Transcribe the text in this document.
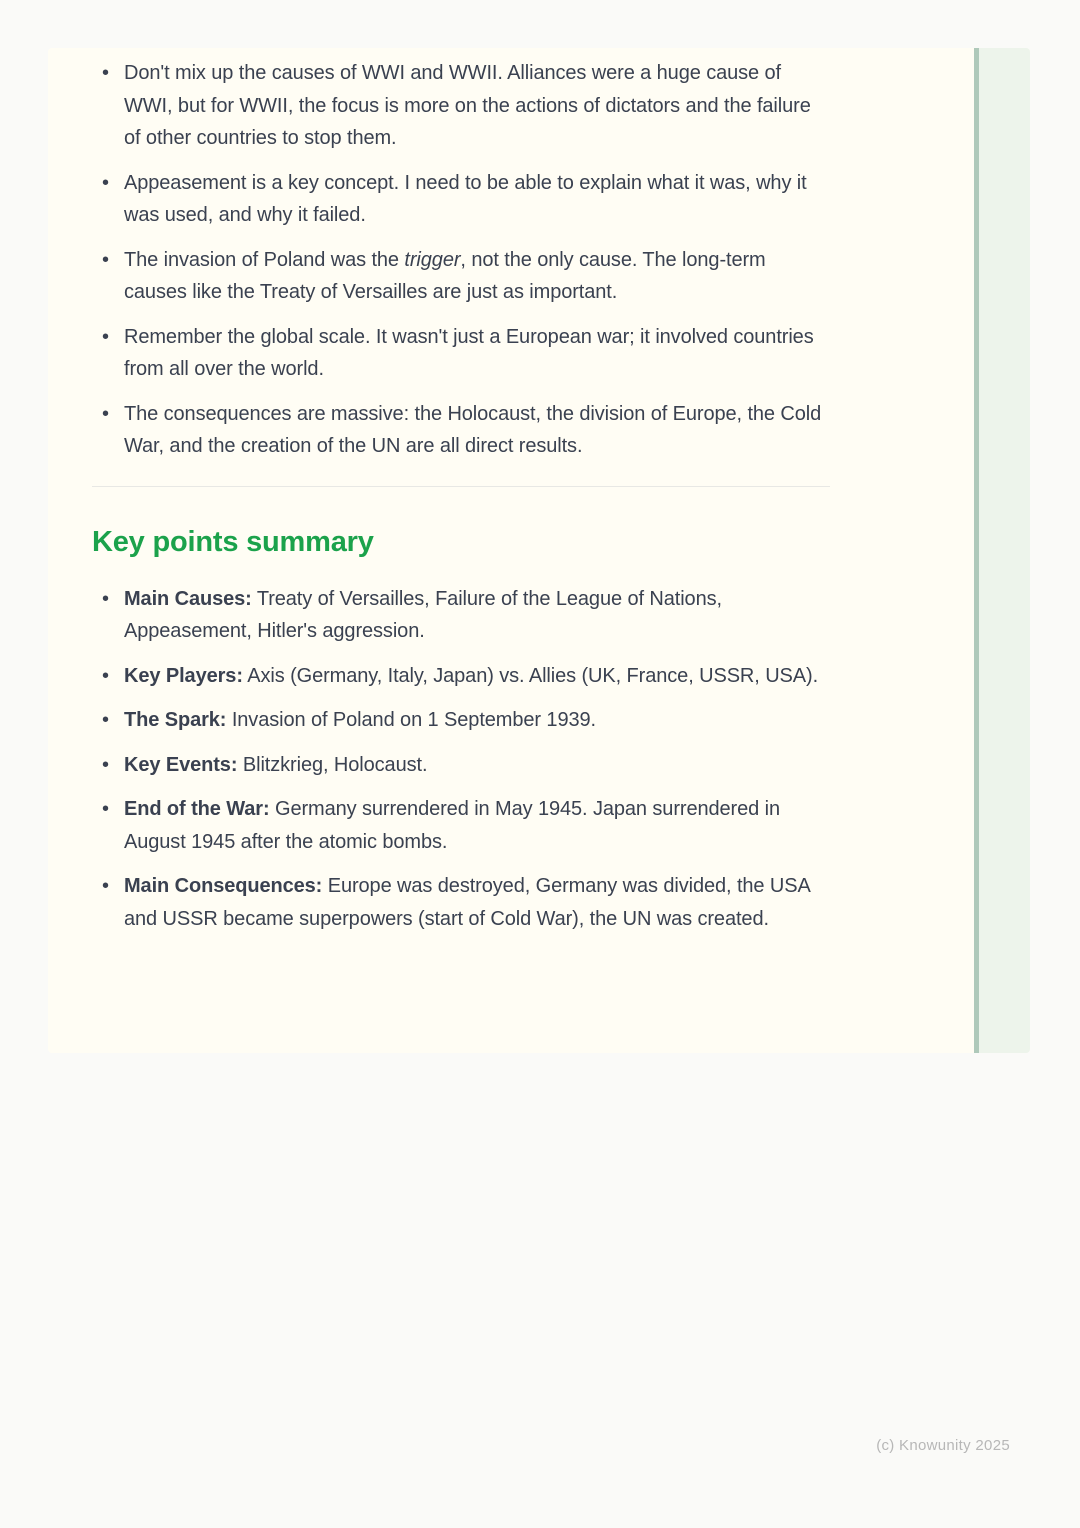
• Don't mix up the causes of WWI and WWII. Alliances were a huge cause of WWI, but for WWII, the focus is more on the actions of dictators and the failure of other countries to stop them.
• Appeasement is a key concept. I need to be able to explain what it was, why it was used, and why it failed.
• The invasion of Poland was the trigger, not the only cause. The long-term causes like the Treaty of Versailles are just as important.
• Remember the global scale. It wasn't just a European war; it involved countries from all over the world.
• The consequences are massive: the Holocaust, the division of Europe, the Cold War, and the creation of the UN are all direct results.
Key points summary
• Main Causes: Treaty of Versailles, Failure of the League of Nations, Appeasement, Hitler's aggression.
• Key Players: Axis (Germany, Italy, Japan) vs. Allies (UK, France, USSR, USA).
• The Spark: Invasion of Poland on 1 September 1939.
• Key Events: Blitzkrieg, Holocaust.
• End of the War: Germany surrendered in May 1945. Japan surrendered in August 1945 after the atomic bombs.
• Main Consequences: Europe was destroyed, Germany was divided, the USA and USSR became superpowers (start of Cold War), the UN was created.
(c) Knowunity 2025
